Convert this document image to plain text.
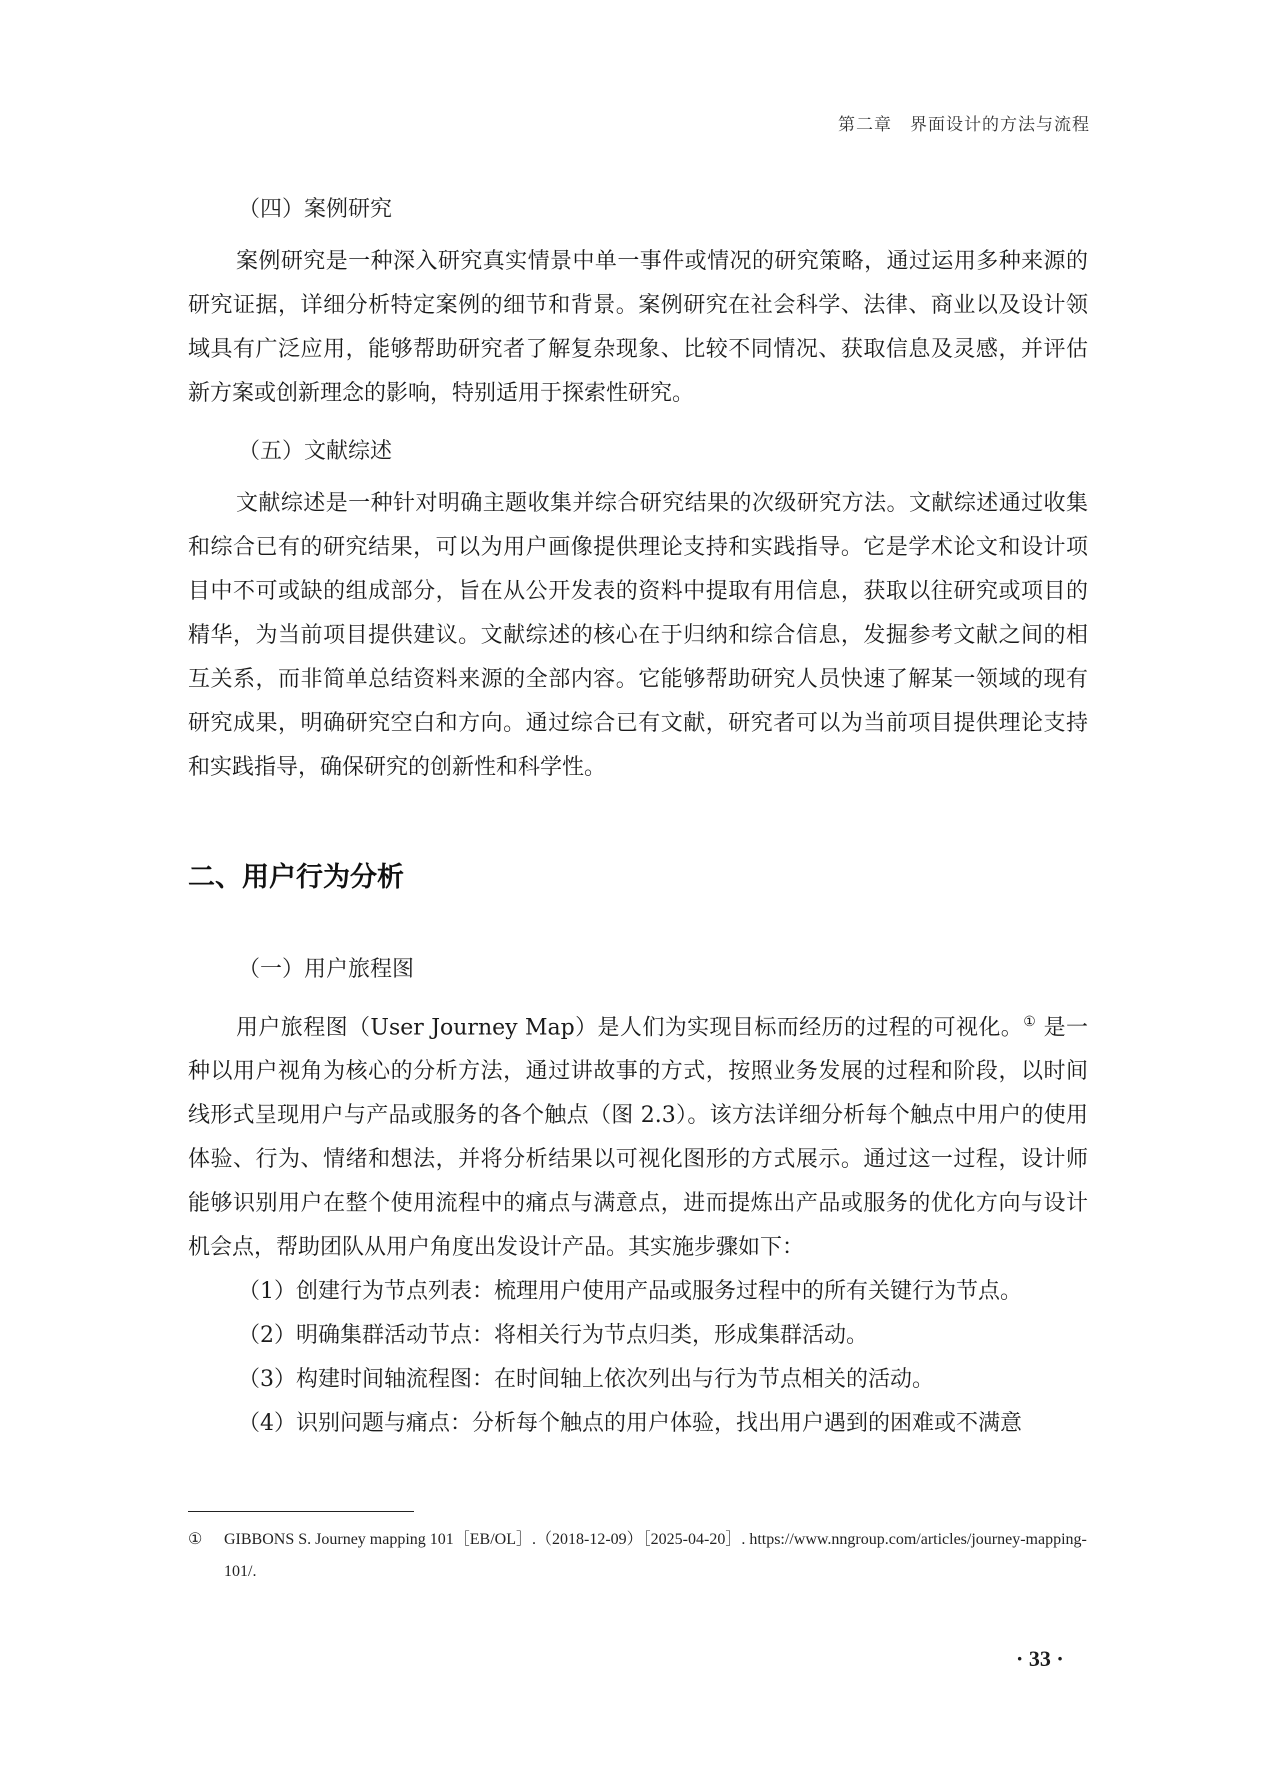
第二章　界面设计的方法与流程
（四）案例研究

案例研究是一种深入研究真实情景中单一事件或情况的研究策略，通过运用多种来源的研究证据，详细分析特定案例的细节和背景。案例研究在社会科学、法律、商业以及设计领域具有广泛应用，能够帮助研究者了解复杂现象、比较不同情况、获取信息及灵感，并评估新方案或创新理念的影响，特别适用于探索性研究。

（五）文献综述

文献综述是一种针对明确主题收集并综合研究结果的次级研究方法。文献综述通过收集和综合已有的研究结果，可以为用户画像提供理论支持和实践指导。它是学术论文和设计项目中不可或缺的组成部分，旨在从公开发表的资料中提取有用信息，获取以往研究或项目的精华，为当前项目提供建议。文献综述的核心在于归纳和综合信息，发掘参考文献之间的相互关系，而非简单总结资料来源的全部内容。它能够帮助研究人员快速了解某一领域的现有研究成果，明确研究空白和方向。通过综合已有文献，研究者可以为当前项目提供理论支持和实践指导，确保研究的创新性和科学性。

二、用户行为分析
（一）用户旅程图

用户旅程图（User Journey Map）是人们为实现目标而经历的过程的可视化。① 是一种以用户视角为核心的分析方法，通过讲故事的方式，按照业务发展的过程和阶段，以时间线形式呈现用户与产品或服务的各个触点（图 2.3）。该方法详细分析每个触点中用户的使用体验、行为、情绪和想法，并将分析结果以可视化图形的方式展示。通过这一过程，设计师能够识别用户在整个使用流程中的痛点与满意点，进而提炼出产品或服务的优化方向与设计机会点，帮助团队从用户角度出发设计产品。其实施步骤如下：

（1）创建行为节点列表：梳理用户使用产品或服务过程中的所有关键行为节点。

（2）明确集群活动节点：将相关行为节点归类，形成集群活动。

（3）构建时间轴流程图：在时间轴上依次列出与行为节点相关的活动。

（4）识别问题与痛点：分析每个触点的用户体验，找出用户遇到的困难或不满意

① GIBBONS S. Journey mapping 101［EB/OL］.（2018-12-09）［2025-04-20］. https://www.nngroup.com/articles/journey-mapping-101/.
· 33 ·
